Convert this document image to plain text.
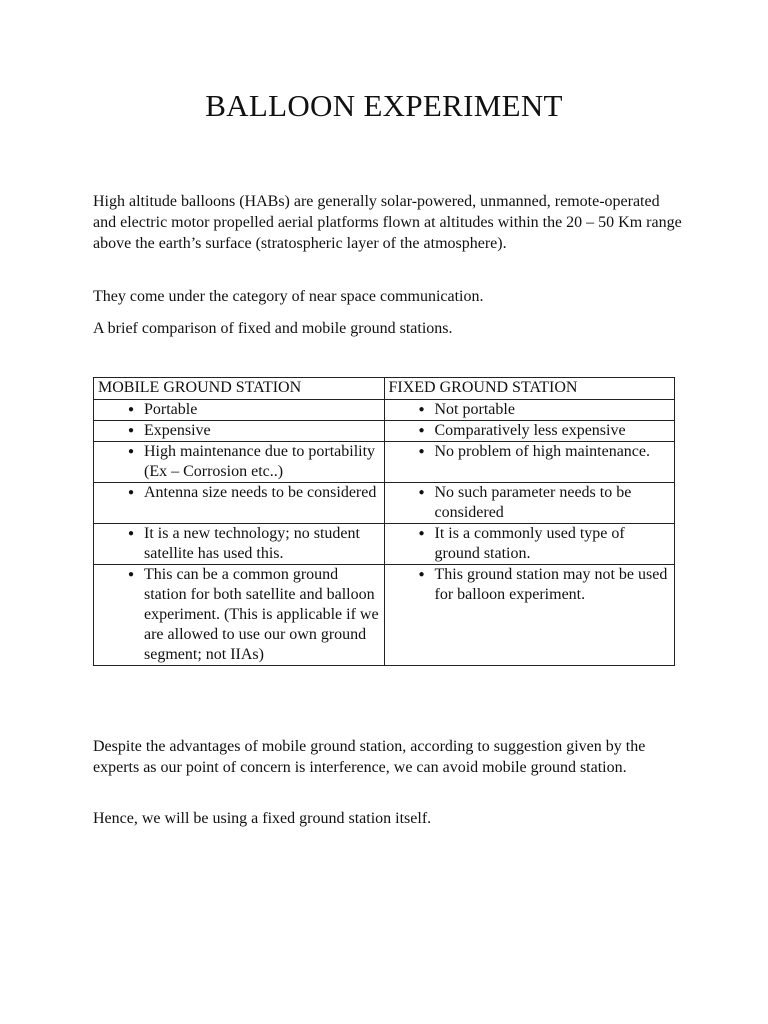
BALLOON EXPERIMENT

High altitude balloons (HABs) are generally solar-powered, unmanned, remote-operated and electric motor propelled aerial platforms flown at altitudes within the 20 – 50 Km range above the earth’s surface (stratospheric layer of the atmosphere).

They come under the category of near space communication.

A brief comparison of fixed and mobile ground stations.

MOBILE GROUND STATION	FIXED GROUND STATION

● Portable	● Not portable

● Expensive	● Comparatively less expensive

● High maintenance due to portability (Ex – Corrosion etc..)	● No problem of high maintenance.

● Antenna size needs to be considered	● No such parameter needs to be considered

● It is a new technology; no student satellite has used this.	● It is a commonly used type of ground station.

● This can be a common ground station for both satellite and balloon experiment. (This is applicable if we are allowed to use our own ground segment; not IIAs)	● This ground station may not be used for balloon experiment.

Despite the advantages of mobile ground station, according to suggestion given by the experts as our point of concern is interference, we can avoid mobile ground station.

Hence, we will be using a fixed ground station itself.
